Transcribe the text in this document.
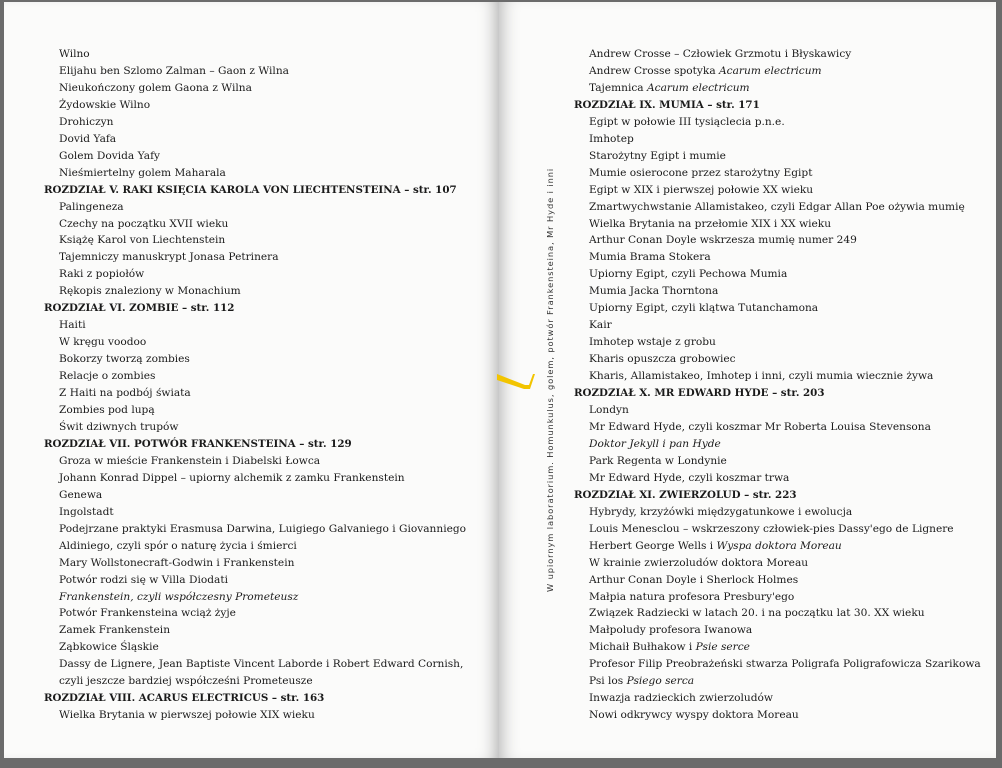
Wilno
Elijahu ben Szlomo Zalman – Gaon z Wilna
Nieukończony golem Gaona z Wilna
Żydowskie Wilno
Drohiczyn
Dovid Yafa
Golem Dovida Yafy
Nieśmiertelny golem Maharala
ROZDZIAŁ V. RAKI KSIĘCIA KAROLA VON LIECHTENSTEINA – str. 107
Palingeneza
Czechy na początku XVII wieku
Książę Karol von Liechtenstein
Tajemniczy manuskrypt Jonasa Petrinera
Raki z popiołów
Rękopis znaleziony w Monachium
ROZDZIAŁ VI. ZOMBIE – str. 112
Haiti
W kręgu voodoo
Bokorzy tworzą zombies
Relacje o zombies
Z Haiti na podbój świata
Zombies pod lupą
Świt dziwnych trupów
ROZDZIAŁ VII. POTWÓR FRANKENSTEINA – str. 129
Groza w mieście Frankenstein i Diabelski Łowca
Johann Konrad Dippel – upiorny alchemik z zamku Frankenstein
Genewa
Ingolstadt
Podejrzane praktyki Erasmusa Darwina, Luigiego Galvaniego i Giovanniego
Aldiniego, czyli spór o naturę życia i śmierci
Mary Wollstonecraft-Godwin i Frankenstein
Potwór rodzi się w Villa Diodati
Frankenstein, czyli współczesny Prometeusz
Potwór Frankensteina wciąż żyje
Zamek Frankenstein
Ząbkowice Śląskie
Dassy de Lignere, Jean Baptiste Vincent Laborde i Robert Edward Cornish,
czyli jeszcze bardziej współcześni Prometeusze
ROZDZIAŁ VIII. ACARUS ELECTRICUS – str. 163
Wielka Brytania w pierwszej połowie XIX wieku
Andrew Crosse – Człowiek Grzmotu i Błyskawicy
Andrew Crosse spotyka Acarum electricum
Tajemnica Acarum electricum
ROZDZIAŁ IX. MUMIA – str. 171
Egipt w połowie III tysiąclecia p.n.e.
Imhotep
Starożytny Egipt i mumie
Mumie osierocone przez starożytny Egipt
Egipt w XIX i pierwszej połowie XX wieku
Zmartwychwstanie Allamistakeo, czyli Edgar Allan Poe ożywia mumię
Wielka Brytania na przełomie XIX i XX wieku
Arthur Conan Doyle wskrzesza mumię numer 249
Mumia Brama Stokera
Upiorny Egipt, czyli Pechowa Mumia
Mumia Jacka Thorntona
Upiorny Egipt, czyli klątwa Tutanchamona
Kair
Imhotep wstaje z grobu
Kharis opuszcza grobowiec
Kharis, Allamistakeo, Imhotep i inni, czyli mumia wiecznie żywa
ROZDZIAŁ X. MR EDWARD HYDE – str. 203
Londyn
Mr Edward Hyde, czyli koszmar Mr Roberta Louisa Stevensona
Doktor Jekyll i pan Hyde
Park Regenta w Londynie
Mr Edward Hyde, czyli koszmar trwa
ROZDZIAŁ XI. ZWIERZOLUD – str. 223
Hybrydy, krzyżówki międzygatunkowe i ewolucja
Louis Menesclou – wskrzeszony człowiek-pies Dassy'ego de Lignere
Herbert George Wells i Wyspa doktora Moreau
W krainie zwierzoludów doktora Moreau
Arthur Conan Doyle i Sherlock Holmes
Małpia natura profesora Presbury'ego
Związek Radziecki w latach 20. i na początku lat 30. XX wieku
Małpoludy profesora Iwanowa
Michaił Bułhakow i Psie serce
Profesor Filip Preobrażeński stwarza Poligrafa Poligrafowicza Szarikowa
Psi los Psiego serca
Inwazja radzieckich zwierzoludów
Nowi odkrywcy wyspy doktora Moreau
W upiornym laboratorium. Homunkulus, golem, potwór Frankensteina, Mr Hyde i inni
